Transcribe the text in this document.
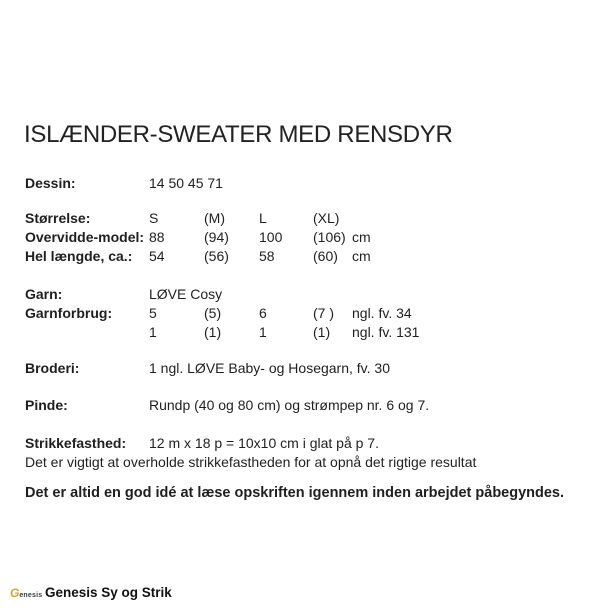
ISLÆNDER-SWEATER MED RENSDYR
Dessin:	14 50 45 71
Størrelse:	S	(M) L	(XL)
Overvidde-model: 88	(94) 100 (106) cm
Hel længde, ca.: 54	(56) 58	(60) cm
Garn:	LØVE Cosy
Garnforbrug:	5	(5)	6	(7 ) ngl. fv. 34
1	(1)	1	(1) ngl. fv. 131
Broderi:	1 ngl. LØVE Baby- og Hosegarn, fv. 30
Pinde:	Rundp (40 og 80 cm) og strømpep nr. 6 og 7.
Strikkefasthed: 12 m x 18 p = 10x10 cm i glat på p 7.
Det er vigtigt at overholde strikkefastheden for at opnå det rigtige resultat
Det er altid en god idé at læse opskriften igennem inden arbejdet påbegyndes.
Genesis Genesis Sy og Strik
